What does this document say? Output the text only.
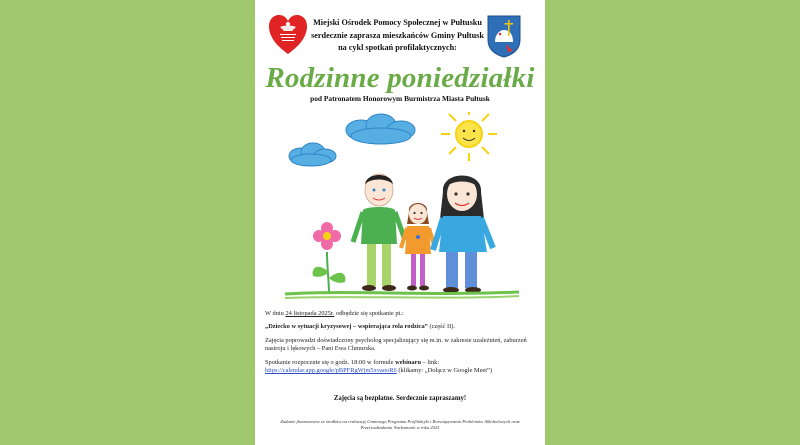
Miejski Ośrodek Pomocy Społecznej w Pułtusku
serdecznie zaprasza mieszkańców Gminy Pułtusk
na cykl spotkań profilaktycznych:
Rodzinne poniedziałki
pod Patronatem Honorowym Burmistrza Miasta Pułtusk

W dniu 24 listopada 2025r. odbędzie się spotkanie pt.:

„Dziecko w sytuacji kryzysowej – wspierająca rola rodzica” (część II).

Zajęcia poprowadzi doświadczony psycholog specjalizujący się m.in. w zakresie uzależnień, zaburzeń nastroju i lękowych – Pani Ewa Chmurska.

Spotkanie rozpocznie się o godz. 18:00 w formule webinaru – link:
https://calendar.app.google/pBPFRgWjm5xvaooR6 (klikamy: „Dołącz w Google Meet”)

Zajęcia są bezpłatne. Serdecznie zapraszamy!
Zadanie finansowane ze środków na realizację Gminnego Programu Profilaktyki i Rozwiązywania Problemów Alkoholowych oraz Przeciwdziałania Narkomanii w roku 2025
